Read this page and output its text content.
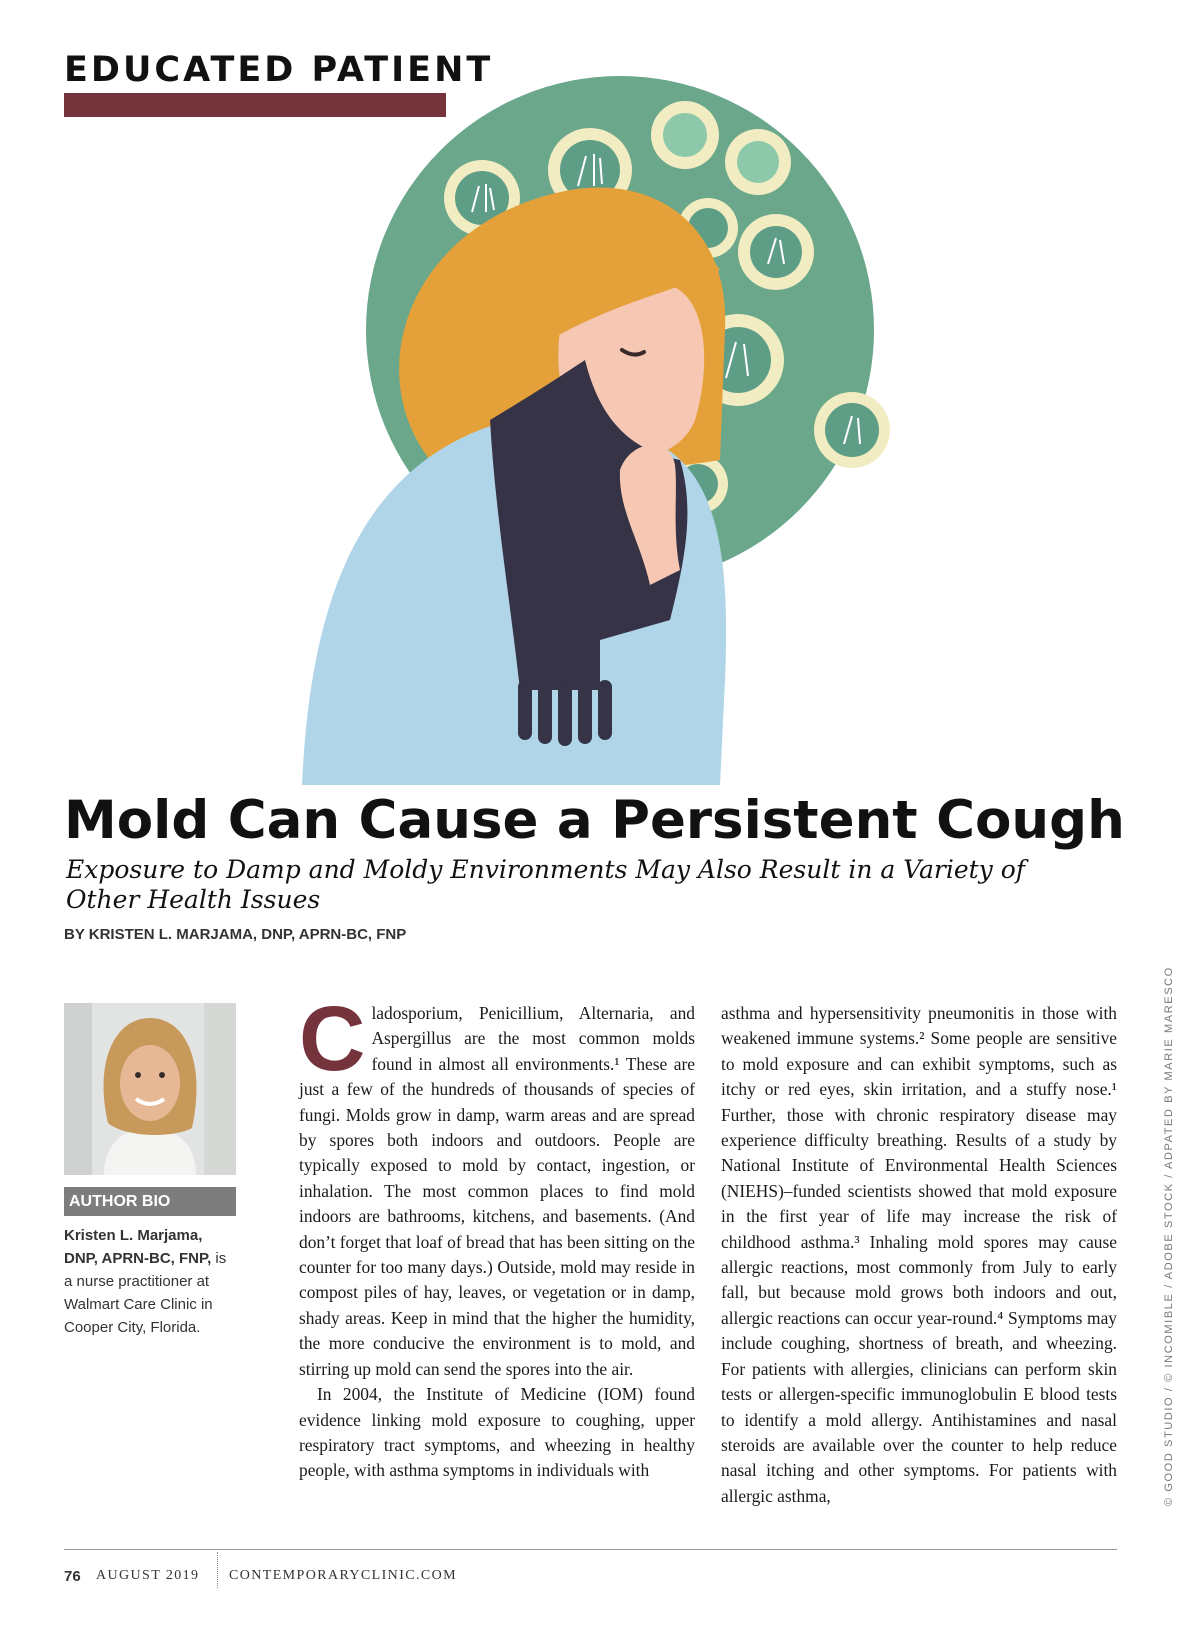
EDUCATED PATIENT
Mold Can Cause a Persistent Cough

Exposure to Damp and Moldy Environments May Also Result in a Variety of Other Health Issues

BY KRISTEN L. MARJAMA, DNP, APRN-BC, FNP
AUTHOR BIO

Kristen L. Marjama, DNP, APRN-BC, FNP, is a nurse practitioner at Walmart Care Clinic in Cooper City, Florida.

Cladosporium, Penicillium, Alternaria, and Aspergillus are the most common molds found in almost all environments.¹ These are just a few of the hundreds of thousands of species of fungi. Molds grow in damp, warm areas and are spread by spores both indoors and outdoors. People are typically exposed to mold by contact, ingestion, or inhalation. The most common places to find mold indoors are bathrooms, kitchens, and basements. (And don’t forget that loaf of bread that has been sitting on the counter for too many days.) Outside, mold may reside in compost piles of hay, leaves, or vegetation or in damp, shady areas. Keep in mind that the higher the humidity, the more conducive the environment is to mold, and stirring up mold can send the spores into the air.

In 2004, the Institute of Medicine (IOM) found evidence linking mold exposure to coughing, upper respiratory tract symptoms, and wheezing in healthy people, with asthma symptoms in individuals with

asthma and hypersensitivity pneumonitis in those with weakened immune systems.² Some people are sensitive to mold exposure and can exhibit symptoms, such as itchy or red eyes, skin irritation, and a stuffy nose.¹ Further, those with chronic respiratory disease may experience difficulty breathing. Results of a study by National Institute of Environmental Health Sciences (NIEHS)–funded scientists showed that mold exposure in the first year of life may increase the risk of childhood asthma.³ Inhaling mold spores may cause allergic reactions, most commonly from July to early fall, but because mold grows both indoors and out, allergic reactions can occur year-round.⁴ Symptoms may include coughing, shortness of breath, and wheezing. For patients with allergies, clinicians can perform skin tests or allergen-specific immunoglobulin E blood tests to identify a mold allergy. Antihistamines and nasal steroids are available over the counter to help reduce nasal itching and other symptoms. For patients with allergic asthma,	© GOOD STUDIO / © INCOMIBLE / ADOBE STOCK / ADPATED BY MARIE MARESCO
76 AUGUST 2019 CONTEMPORARYCLINIC.COM
